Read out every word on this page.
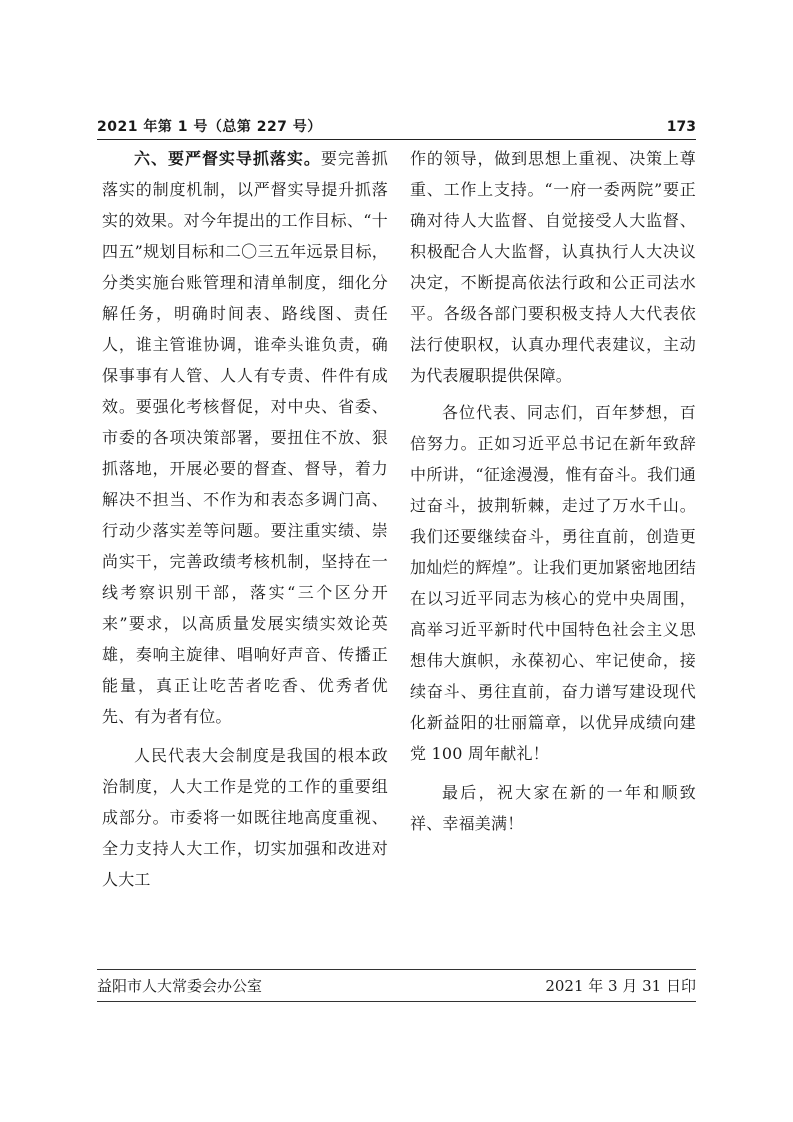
2021 年第 1 号（总第 227 号）	173

六、要严督实导抓落实。要完善抓落实的制度机制，以严督实导提升抓落实的效果。对今年提出的工作目标、“十四五”规划目标和二〇三五年远景目标，分类实施台账管理和清单制度，细化分解任务，明确时间表、路线图、责任人，谁主管谁协调，谁牵头谁负责，确保事事有人管、人人有专责、件件有成效。要强化考核督促，对中央、省委、市委的各项决策部署，要扭住不放、狠抓落地，开展必要的督查、督导，着力解决不担当、不作为和表态多调门高、行动少落实差等问题。要注重实绩、崇尚实干，完善政绩考核机制，坚持在一线考察识别干部，落实“三个区分开来”要求，以高质量发展实绩实效论英雄，奏响主旋律、唱响好声音、传播正能量，真正让吃苦者吃香、优秀者优先、有为者有位。

人民代表大会制度是我国的根本政治制度，人大工作是党的工作的重要组成部分。市委将一如既往地高度重视、全力支持人大工作，切实加强和改进对人大工

作的领导，做到思想上重视、决策上尊重、工作上支持。“一府一委两院”要正确对待人大监督、自觉接受人大监督、积极配合人大监督，认真执行人大决议决定，不断提高依法行政和公正司法水平。各级各部门要积极支持人大代表依法行使职权，认真办理代表建议，主动为代表履职提供保障。

各位代表、同志们，百年梦想，百倍努力。正如习近平总书记在新年致辞中所讲，“征途漫漫，惟有奋斗。我们通过奋斗，披荆斩棘，走过了万水千山。我们还要继续奋斗，勇往直前，创造更加灿烂的辉煌”。让我们更加紧密地团结在以习近平同志为核心的党中央周围，高举习近平新时代中国特色社会主义思想伟大旗帜，永葆初心、牢记使命，接续奋斗、勇往直前，奋力谱写建设现代化新益阳的壮丽篇章，以优异成绩向建党 100 周年献礼！

最后，祝大家在新的一年和顺致祥、幸福美满！

益阳市人大常委会办公室	2021 年 3 月 31 日印
